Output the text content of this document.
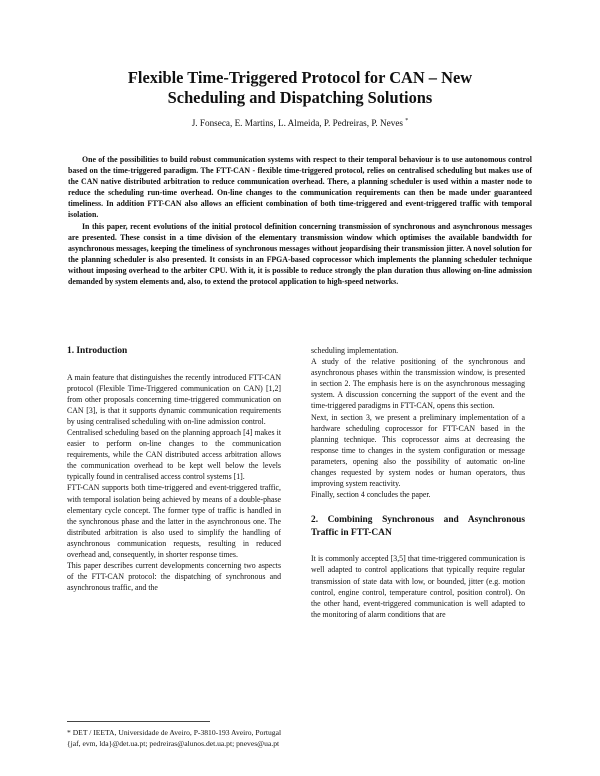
Flexible Time-Triggered Protocol for CAN – New
Scheduling and Dispatching Solutions
J. Fonseca, E. Martins, L. Almeida, P. Pedreiras, P. Neves *

One of the possibilities to build robust communication systems with respect to their temporal behaviour is to use autonomous control based on the time-triggered paradigm. The FTT-CAN - flexible time-triggered protocol, relies on centralised scheduling but makes use of the CAN native distributed arbitration to reduce communication overhead. There, a planning scheduler is used within a master node to reduce the scheduling run-time overhead. On-line changes to the communication requirements can then be made under guaranteed timeliness. In addition FTT-CAN also allows an efficient combination of both time-triggered and event-triggered traffic with temporal isolation.

In this paper, recent evolutions of the initial protocol definition concerning transmission of synchronous and asynchronous messages are presented. These consist in a time division of the elementary transmission window which optimises the available bandwidth for asynchronous messages, keeping the timeliness of synchronous messages without jeopardising their transmission jitter. A novel solution for the planning scheduler is also presented. It consists in an FPGA-based coprocessor which implements the planning scheduler technique without imposing overhead to the arbiter CPU. With it, it is possible to reduce strongly the plan duration thus allowing on-line admission demanded by system elements and, also, to extend the protocol application to high-speed networks.

1. Introduction

A main feature that distinguishes the recently introduced FTT-CAN protocol (Flexible Time-Triggered communication on CAN) [1,2] from other proposals concerning time-triggered communication on CAN [3], is that it supports dynamic communication requirements by using centralised scheduling with on-line admission control.

Centralised scheduling based on the planning approach [4] makes it easier to perform on-line changes to the communication requirements, while the CAN distributed access arbitration allows the communication overhead to be kept well below the levels typically found in centralised access control systems [1].

FTT-CAN supports both time-triggered and event-triggered traffic, with temporal isolation being achieved by means of a double-phase elementary cycle concept. The former type of traffic is handled in the synchronous phase and the latter in the asynchronous one. The distributed arbitration is also used to simplify the handling of asynchronous communication requests, resulting in reduced overhead and, consequently, in shorter response times.

This paper describes current developments concerning two aspects of the FTT-CAN protocol: the dispatching of synchronous and asynchronous traffic, and the

scheduling implementation.

A study of the relative positioning of the synchronous and asynchronous phases within the transmission window, is presented in section 2. The emphasis here is on the asynchronous messaging system. A discussion concerning the support of the event and the time-triggered paradigms in FTT-CAN, opens this section.

Next, in section 3, we present a preliminary implementation of a hardware scheduling coprocessor for FTT-CAN based in the planning technique. This coprocessor aims at decreasing the response time to changes in the system configuration or message parameters, opening also the possibility of automatic on-line changes requested by system nodes or human operators, thus improving system reactivity.

Finally, section 4 concludes the paper.

2. Combining Synchronous and Asynchronous Traffic in FTT-CAN

It is commonly accepted [3,5] that time-triggered communication is well adapted to control applications that typically require regular transmission of state data with low, or bounded, jitter (e.g. motion control, engine control, temperature control, position control). On the other hand, event-triggered communication is well adapted to the monitoring of alarm conditions that are

* DET / IEETA, Universidade de Aveiro, P-3810-193 Aveiro, Portugal

{jaf, evm, lda}@det.ua.pt; pedreiras@alunos.det.ua.pt; pneves@ua.pt
